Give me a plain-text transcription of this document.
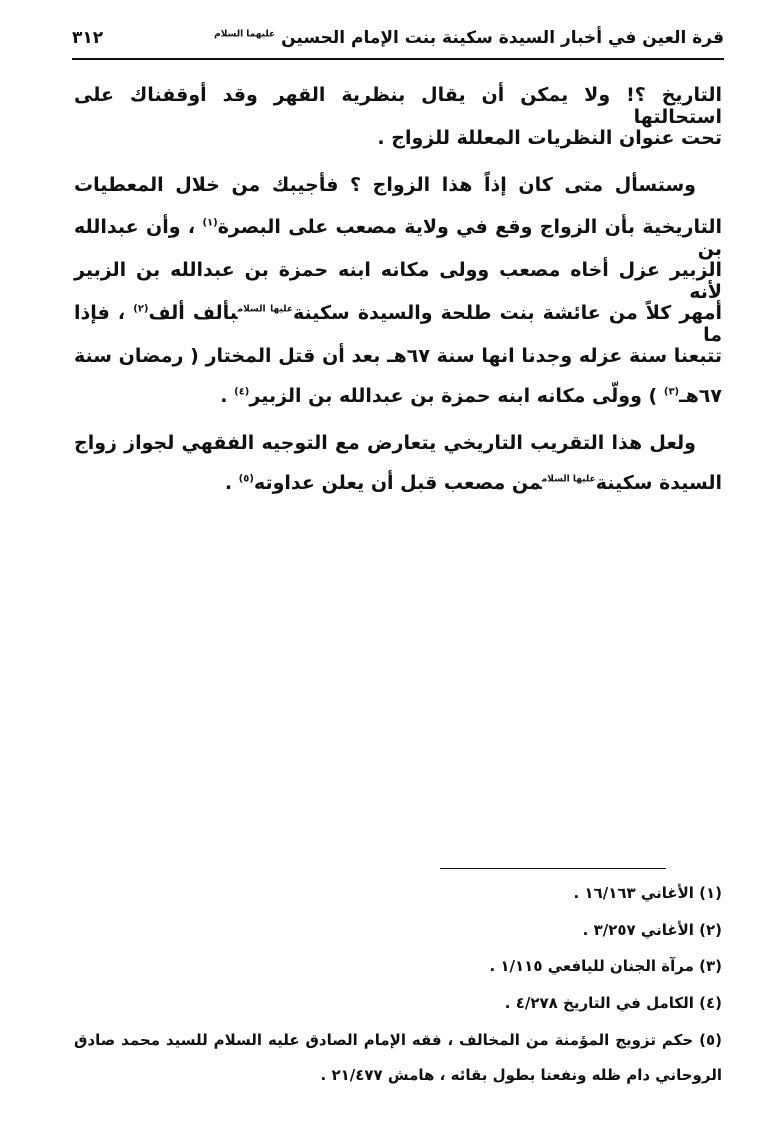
قرة العين في أخبار السيدة سكينة بنت الإمام الحسين $^{عليهما السلام}$
٣١٢
التاريخ ؟! ولا يمكن أن يقال بنظرية القهر وقد أوقفناك على استحالتها
تحت عنوان النظريات المعللة للزواج .
وستسأل متى كان إذاً هذا الزواج ؟ فأجيبك من خلال المعطيات
التاريخية بأن الزواج وقع في ولاية مصعب على البصرة$^{(١)}$ ، وأن عبدالله بن
الزبير عزل أخاه مصعب وولى مكانه ابنه حمزة بن عبدالله بن الزبير لأنه
أمهر كلاً من عائشة بنت طلحة والسيدة سكينة$^{عليها السلام}$بألف ألف$^{(٢)}$ ، فإذا ما
تتبعنا سنة عزله وجدنا انها سنة ٦٧هـ بعد أن قتل المختار ( رمضان سنة
٦٧هـ$^{(٣)}$ ) وولّى مكانه ابنه حمزة بن عبدالله بن الزبير$^{(٤)}$ .
ولعل هذا التقريب التاريخي يتعارض مع التوجيه الفقهي لجواز زواج
السيدة سكينة$^{عليها السلام}$من مصعب قبل أن يعلن عداوته$^{(٥)}$ .
(١) الأغاني ١٦/١٦٣ .
(٢) الأغاني ٣/٢٥٧ .
(٣) مرآة الجنان لليافعي ١/١١٥ .
(٤) الكامل في التاريخ ٤/٢٧٨ .
(٥) حكم تزويج المؤمنة من المخالف ، فقه الإمام الصادق عليه السلام للسيد محمد صادق
الروحاني دام ظله ونفعنا بطول بقائه ، هامش ٢١/٤٧٧ .
